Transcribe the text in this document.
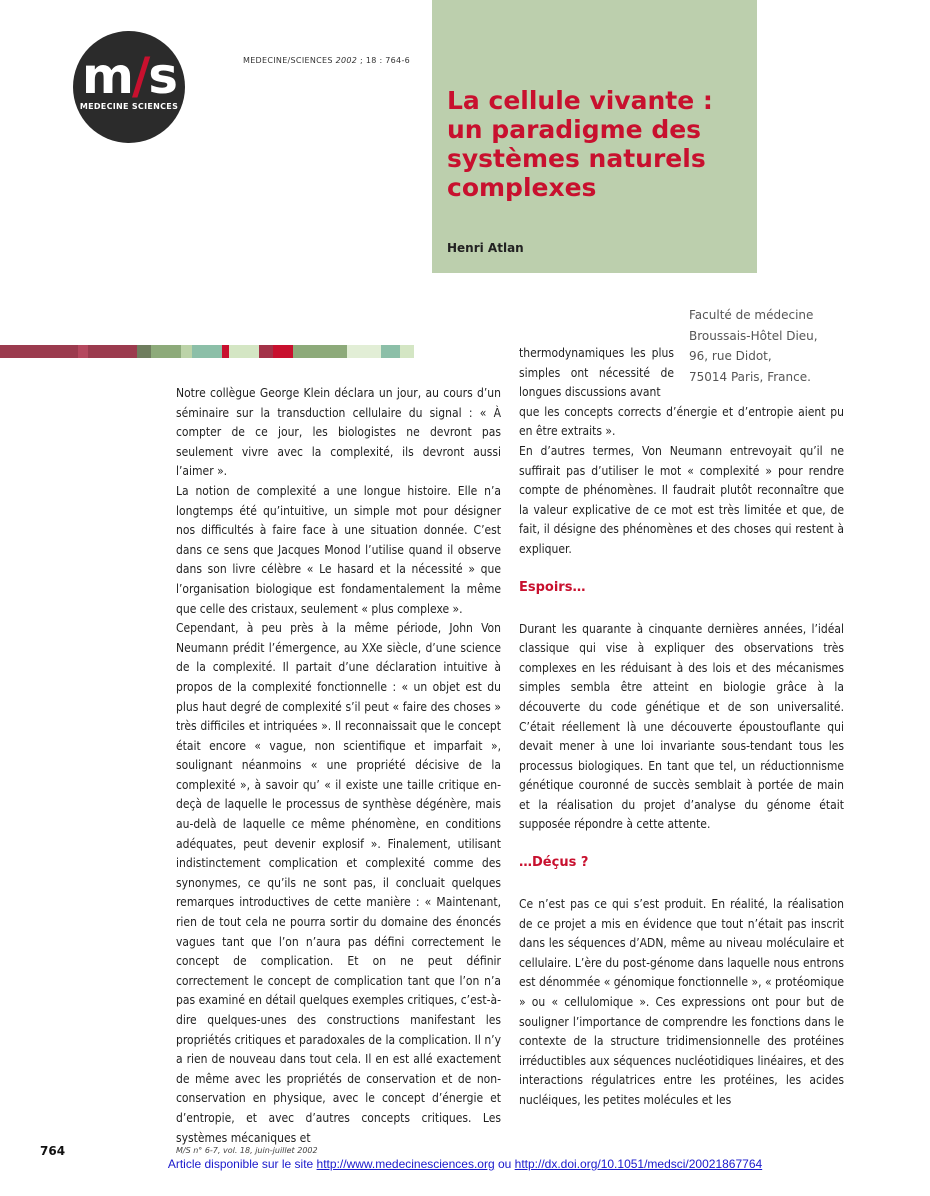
m/s
MEDECINE SCIENCES
MEDECINE/SCIENCES 2002 ; 18 : 764-6
La cellule vivante : un paradigme des systèmes naturels complexes
Henri Atlan
Faculté de médecine
Broussais-Hôtel Dieu,
96, rue Didot,
75014 Paris, France.

Notre collègue George Klein déclara un jour, au cours d’un séminaire sur la transduction cellulaire du signal : « À compter de ce jour, les biologistes ne devront pas seulement vivre avec la complexité, ils devront aussi l’aimer ».

La notion de complexité a une longue histoire. Elle n’a longtemps été qu’intuitive, un simple mot pour désigner nos difficultés à faire face à une situation donnée. C’est dans ce sens que Jacques Monod l’utilise quand il observe dans son livre célèbre « Le hasard et la nécessité » que l’organisation biologique est fondamentalement la même que celle des cristaux, seulement « plus complexe ».

Cependant, à peu près à la même période, John Von Neumann prédit l’émergence, au XXe siècle, d’une science de la complexité. Il partait d’une déclaration intuitive à propos de la complexité fonctionnelle : « un objet est du plus haut degré de complexité s’il peut « faire des choses » très difficiles et intriquées ». Il reconnaissait que le concept était encore « vague, non scientifique et imparfait », soulignant néanmoins « une propriété décisive de la complexité », à savoir qu’ « il existe une taille critique en-deçà de laquelle le processus de synthèse dégénère, mais au-delà de laquelle ce même phénomène, en conditions adéquates, peut devenir explosif ». Finalement, utilisant indistinctement complication et complexité comme des synonymes, ce qu’ils ne sont pas, il concluait quelques remarques introductives de cette manière : « Maintenant, rien de tout cela ne pourra sortir du domaine des énoncés vagues tant que l’on n’aura pas défini correctement le concept de complication. Et on ne peut définir correctement le concept de complication tant que l’on n’a pas examiné en détail quelques exemples critiques, c’est-à-dire quelques-unes des constructions manifestant les propriétés critiques et paradoxales de la complication. Il n’y a rien de nouveau dans tout cela. Il en est allé exactement de même avec les propriétés de conservation et de non-conservation en physique, avec le concept d’énergie et d’entropie, et avec d’autres concepts critiques. Les systèmes mécaniques et

thermodynamiques les plus
simples ont nécessité de
longues discussions avant

que les concepts corrects d’énergie et d’entropie aient pu en être extraits ».

En d’autres termes, Von Neumann entrevoyait qu’il ne suffirait pas d’utiliser le mot « complexité » pour rendre compte de phénomènes. Il faudrait plutôt reconnaître que la valeur explicative de ce mot est très limitée et que, de fait, il désigne des phénomènes et des choses qui restent à expliquer.

Espoirs…

Durant les quarante à cinquante dernières années, l’idéal classique qui vise à expliquer des observations très complexes en les réduisant à des lois et des mécanismes simples sembla être atteint en biologie grâce à la découverte du code génétique et de son universalité. C’était réellement là une découverte époustouflante qui devait mener à une loi invariante sous-tendant tous les processus biologiques. En tant que tel, un réductionnisme génétique couronné de succès semblait à portée de main et la réalisation du projet d’analyse du génome était supposée répondre à cette attente.

…Déçus ?

Ce n’est pas ce qui s’est produit. En réalité, la réalisation de ce projet a mis en évidence que tout n’était pas inscrit dans les séquences d’ADN, même au niveau moléculaire et cellulaire. L’ère du post-génome dans laquelle nous entrons est dénommée « génomique fonctionnelle », « protéomique » ou « cellulomique ». Ces expressions ont pour but de souligner l’importance de comprendre les fonctions dans le contexte de la structure tridimensionnelle des protéines irréductibles aux séquences nucléotidiques linéaires, et des interactions régulatrices entre les protéines, les acides nucléiques, les petites molécules et les

764	M/S n° 6-7, vol. 18, juin-juillet 2002
Article disponible sur le site http://www.medecinesciences.org ou http://dx.doi.org/10.1051/medsci/20021867764
